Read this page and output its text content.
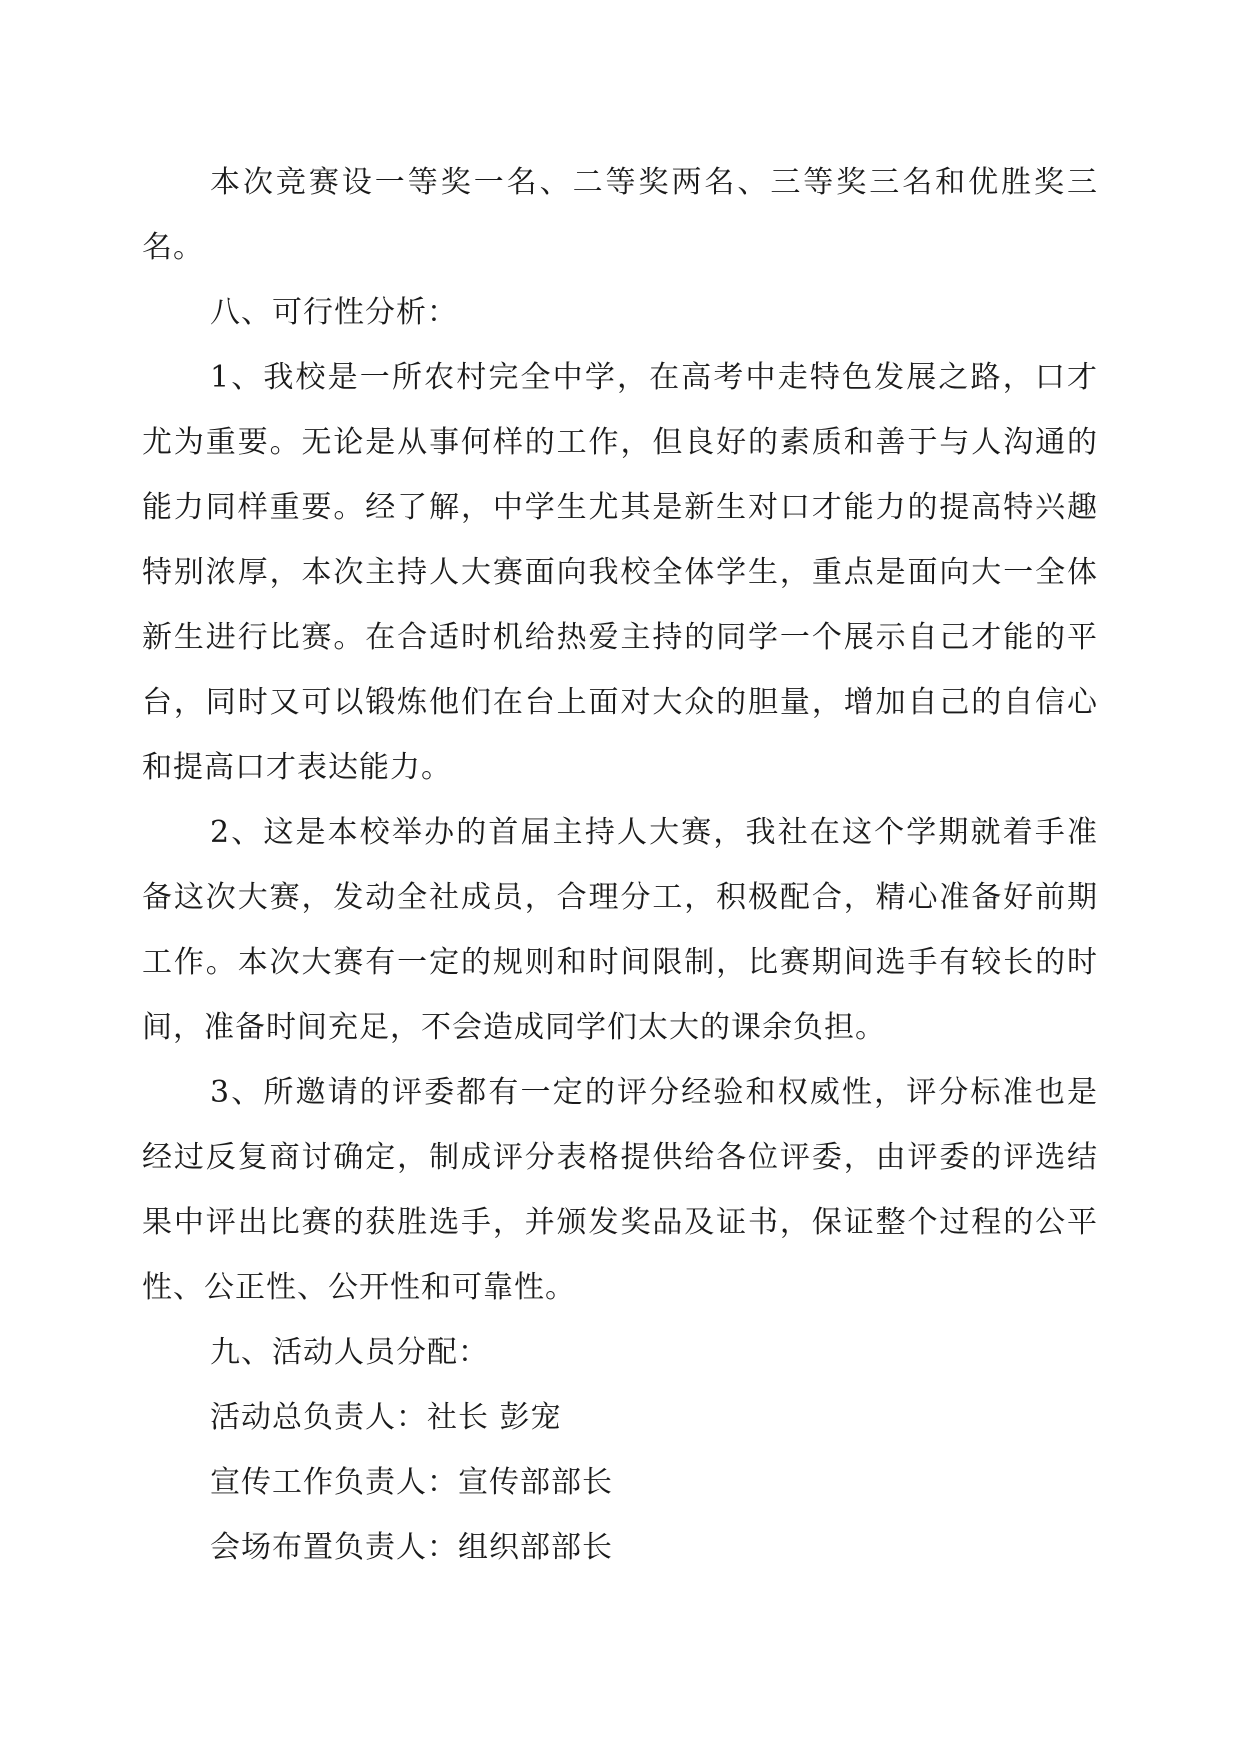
本次竞赛设一等奖一名、二等奖两名、三等奖三名和优胜奖三名。

八、可行性分析：

1、我校是一所农村完全中学，在高考中走特色发展之路，口才尤为重要。无论是从事何样的工作，但良好的素质和善于与人沟通的能力同样重要。经了解，中学生尤其是新生对口才能力的提高特兴趣特别浓厚，本次主持人大赛面向我校全体学生，重点是面向大一全体新生进行比赛。在合适时机给热爱主持的同学一个展示自己才能的平台，同时又可以锻炼他们在台上面对大众的胆量，增加自己的自信心和提高口才表达能力。

2、这是本校举办的首届主持人大赛，我社在这个学期就着手准备这次大赛，发动全社成员，合理分工，积极配合，精心准备好前期工作。本次大赛有一定的规则和时间限制，比赛期间选手有较长的时间，准备时间充足，不会造成同学们太大的课余负担。

3、所邀请的评委都有一定的评分经验和权威性，评分标准也是经过反复商讨确定，制成评分表格提供给各位评委，由评委的评选结果中评出比赛的获胜选手，并颁发奖品及证书，保证整个过程的公平性、公正性、公开性和可靠性。

九、活动人员分配：

活动总负责人：社长 彭宠

宣传工作负责人：宣传部部长

会场布置负责人：组织部部长
